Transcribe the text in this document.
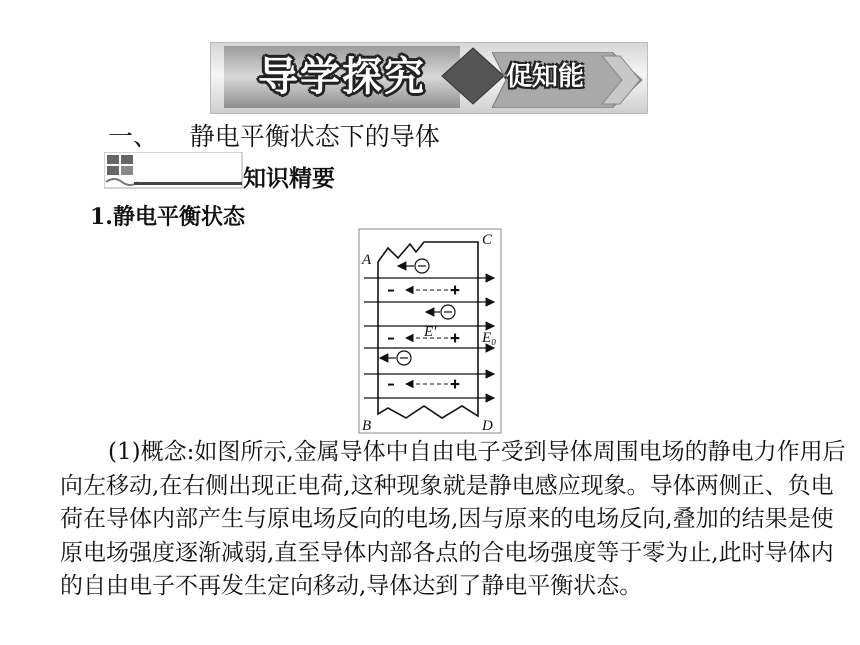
导学探究	促知能
一、    静电平衡状态下的导体
知识精要
1.静电平衡状态
–	+
–	+
–	+
A
B
C
D
E′	E₀

(1)概念:如图所示,金属导体中自由电子受到导体周围电场的静电力作用后向左移动,在右侧出现正电荷,这种现象就是静电感应现象。导体两侧正、负电荷在导体内部产生与原电场反向的电场,因与原来的电场反向,叠加的结果是使原电场强度逐渐减弱,直至导体内部各点的合电场强度等于零为止,此时导体内的自由电子不再发生定向移动,导体达到了静电平衡状态。
